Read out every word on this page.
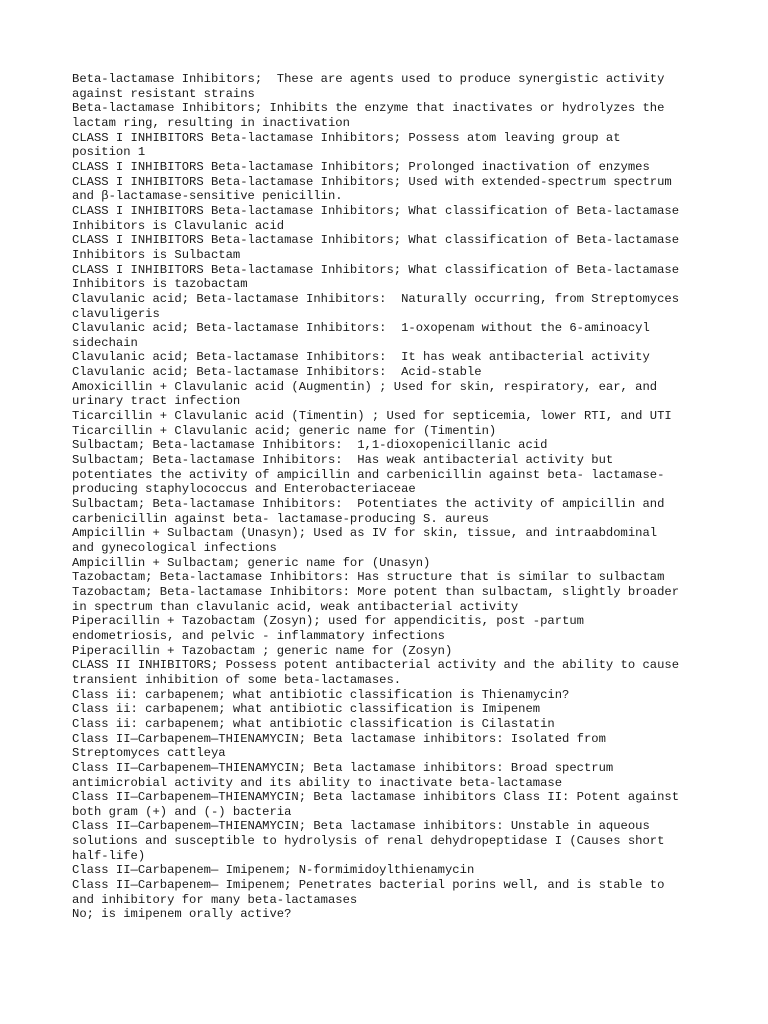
Beta-lactamase Inhibitors;  These are agents used to produce synergistic activity
against resistant strains

Beta-lactamase Inhibitors; Inhibits the enzyme that inactivates or hydrolyzes the
lactam ring, resulting in inactivation

CLASS I INHIBITORS Beta-lactamase Inhibitors; Possess atom leaving group at
position 1

CLASS I INHIBITORS Beta-lactamase Inhibitors; Prolonged inactivation of enzymes

CLASS I INHIBITORS Beta-lactamase Inhibitors; Used with extended-spectrum spectrum
and β-lactamase-sensitive penicillin.

CLASS I INHIBITORS Beta-lactamase Inhibitors; What classification of Beta-lactamase
Inhibitors is Clavulanic acid

CLASS I INHIBITORS Beta-lactamase Inhibitors; What classification of Beta-lactamase
Inhibitors is Sulbactam

CLASS I INHIBITORS Beta-lactamase Inhibitors; What classification of Beta-lactamase
Inhibitors is tazobactam

Clavulanic acid; Beta-lactamase Inhibitors:  Naturally occurring, from Streptomyces
clavuligeris

Clavulanic acid; Beta-lactamase Inhibitors:  1-oxopenam without the 6-aminoacyl
sidechain

Clavulanic acid; Beta-lactamase Inhibitors:  It has weak antibacterial activity

Clavulanic acid; Beta-lactamase Inhibitors:  Acid-stable

Amoxicillin + Clavulanic acid (Augmentin) ; Used for skin, respiratory, ear, and
urinary tract infection

Ticarcillin + Clavulanic acid (Timentin) ; Used for septicemia, lower RTI, and UTI

Ticarcillin + Clavulanic acid; generic name for (Timentin)

Sulbactam; Beta-lactamase Inhibitors:  1,1-dioxopenicillanic acid

Sulbactam; Beta-lactamase Inhibitors:  Has weak antibacterial activity but
potentiates the activity of ampicillin and carbenicillin against beta- lactamase-
producing staphylococcus and Enterobacteriaceae

Sulbactam; Beta-lactamase Inhibitors:  Potentiates the activity of ampicillin and
carbenicillin against beta- lactamase-producing S. aureus

Ampicillin + Sulbactam (Unasyn); Used as IV for skin, tissue, and intraabdominal
and gynecological infections

Ampicillin + Sulbactam; generic name for (Unasyn)

Tazobactam; Beta-lactamase Inhibitors: Has structure that is similar to sulbactam

Tazobactam; Beta-lactamase Inhibitors: More potent than sulbactam, slightly broader
in spectrum than clavulanic acid, weak antibacterial activity

Piperacillin + Tazobactam (Zosyn); used for appendicitis, post -partum
endometriosis, and pelvic - inflammatory infections

Piperacillin + Tazobactam ; generic name for (Zosyn)

CLASS II INHIBITORS; Possess potent antibacterial activity and the ability to cause
transient inhibition of some beta-lactamases.

Class ii: carbapenem; what antibiotic classification is Thienamycin?

Class ii: carbapenem; what antibiotic classification is Imipenem

Class ii: carbapenem; what antibiotic classification is Cilastatin

Class II—Carbapenem—THIENAMYCIN; Beta lactamase inhibitors: Isolated from
Streptomyces cattleya

Class II—Carbapenem—THIENAMYCIN; Beta lactamase inhibitors: Broad spectrum
antimicrobial activity and its ability to inactivate beta-lactamase

Class II—Carbapenem—THIENAMYCIN; Beta lactamase inhibitors Class II: Potent against
both gram (+) and (-) bacteria

Class II—Carbapenem—THIENAMYCIN; Beta lactamase inhibitors: Unstable in aqueous
solutions and susceptible to hydrolysis of renal dehydropeptidase I (Causes short
half-life)

Class II—Carbapenem— Imipenem; N-formimidoylthienamycin

Class II—Carbapenem— Imipenem; Penetrates bacterial porins well, and is stable to
and inhibitory for many beta-lactamases

No; is imipenem orally active?
